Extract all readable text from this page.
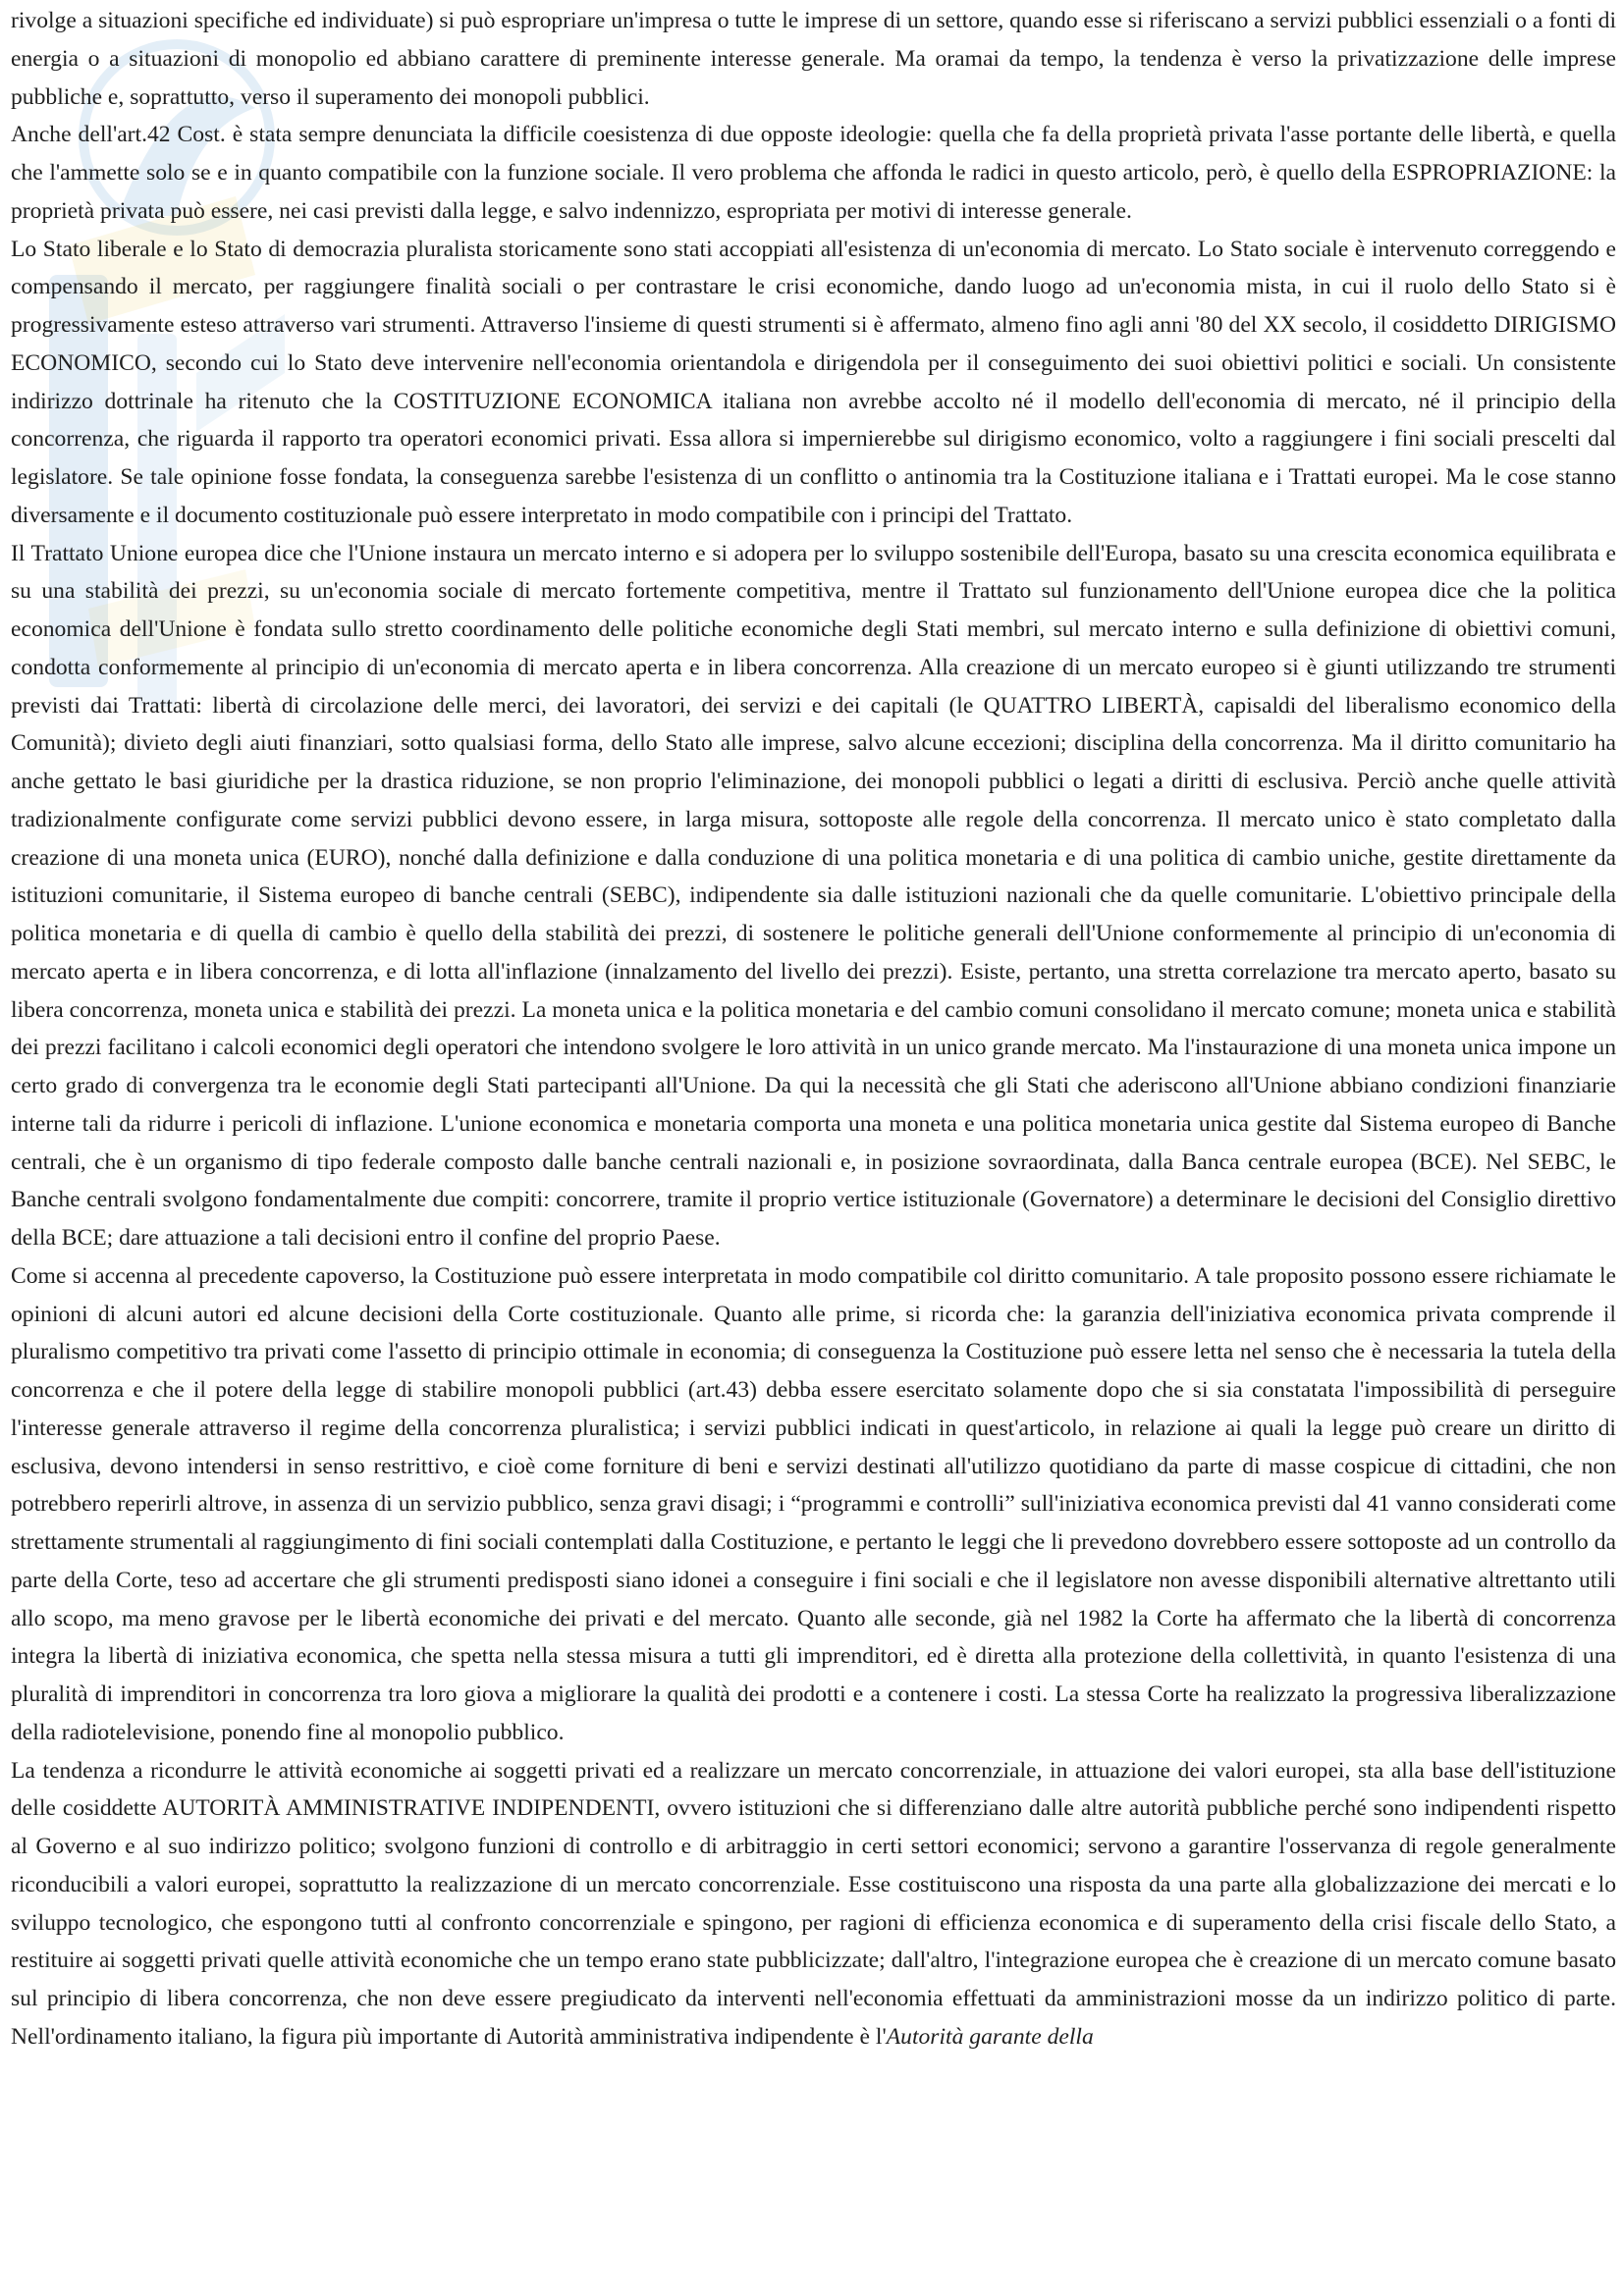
rivolge a situazioni specifiche ed individuate) si può espropriare un'impresa o tutte le imprese di un settore, quando esse si riferiscano a servizi pubblici essenziali o a fonti di energia o a situazioni di monopolio ed abbiano carattere di preminente interesse generale. Ma oramai da tempo, la tendenza è verso la privatizzazione delle imprese pubbliche e, soprattutto, verso il superamento dei monopoli pubblici.

Anche dell'art.42 Cost. è stata sempre denunciata la difficile coesistenza di due opposte ideologie: quella che fa della proprietà privata l'asse portante delle libertà, e quella che l'ammette solo se e in quanto compatibile con la funzione sociale. Il vero problema che affonda le radici in questo articolo, però, è quello della ESPROPRIAZIONE: la proprietà privata può essere, nei casi previsti dalla legge, e salvo indennizzo, espropriata per motivi di interesse generale.

Lo Stato liberale e lo Stato di democrazia pluralista storicamente sono stati accoppiati all'esistenza di un'economia di mercato. Lo Stato sociale è intervenuto correggendo e compensando il mercato, per raggiungere finalità sociali o per contrastare le crisi economiche, dando luogo ad un'economia mista, in cui il ruolo dello Stato si è progressivamente esteso attraverso vari strumenti. Attraverso l'insieme di questi strumenti si è affermato, almeno fino agli anni '80 del XX secolo, il cosiddetto DIRIGISMO ECONOMICO, secondo cui lo Stato deve intervenire nell'economia orientandola e dirigendola per il conseguimento dei suoi obiettivi politici e sociali. Un consistente indirizzo dottrinale ha ritenuto che la COSTITUZIONE ECONOMICA italiana non avrebbe accolto né il modello dell'economia di mercato, né il principio della concorrenza, che riguarda il rapporto tra operatori economici privati. Essa allora si impernierebbe sul dirigismo economico, volto a raggiungere i fini sociali prescelti dal legislatore. Se tale opinione fosse fondata, la conseguenza sarebbe l'esistenza di un conflitto o antinomia tra la Costituzione italiana e i Trattati europei. Ma le cose stanno diversamente e il documento costituzionale può essere interpretato in modo compatibile con i principi del Trattato.

Il Trattato Unione europea dice che l'Unione instaura un mercato interno e si adopera per lo sviluppo sostenibile dell'Europa, basato su una crescita economica equilibrata e su una stabilità dei prezzi, su un'economia sociale di mercato fortemente competitiva, mentre il Trattato sul funzionamento dell'Unione europea dice che la politica economica dell'Unione è fondata sullo stretto coordinamento delle politiche economiche degli Stati membri, sul mercato interno e sulla definizione di obiettivi comuni, condotta conformemente al principio di un'economia di mercato aperta e in libera concorrenza. Alla creazione di un mercato europeo si è giunti utilizzando tre strumenti previsti dai Trattati: libertà di circolazione delle merci, dei lavoratori, dei servizi e dei capitali (le QUATTRO LIBERTÀ, capisaldi del liberalismo economico della Comunità); divieto degli aiuti finanziari, sotto qualsiasi forma, dello Stato alle imprese, salvo alcune eccezioni; disciplina della concorrenza. Ma il diritto comunitario ha anche gettato le basi giuridiche per la drastica riduzione, se non proprio l'eliminazione, dei monopoli pubblici o legati a diritti di esclusiva. Perciò anche quelle attività tradizionalmente configurate come servizi pubblici devono essere, in larga misura, sottoposte alle regole della concorrenza. Il mercato unico è stato completato dalla creazione di una moneta unica (EURO), nonché dalla definizione e dalla conduzione di una politica monetaria e di una politica di cambio uniche, gestite direttamente da istituzioni comunitarie, il Sistema europeo di banche centrali (SEBC), indipendente sia dalle istituzioni nazionali che da quelle comunitarie. L'obiettivo principale della politica monetaria e di quella di cambio è quello della stabilità dei prezzi, di sostenere le politiche generali dell'Unione conformemente al principio di un'economia di mercato aperta e in libera concorrenza, e di lotta all'inflazione (innalzamento del livello dei prezzi). Esiste, pertanto, una stretta correlazione tra mercato aperto, basato su libera concorrenza, moneta unica e stabilità dei prezzi. La moneta unica e la politica monetaria e del cambio comuni consolidano il mercato comune; moneta unica e stabilità dei prezzi facilitano i calcoli economici degli operatori che intendono svolgere le loro attività in un unico grande mercato. Ma l'instaurazione di una moneta unica impone un certo grado di convergenza tra le economie degli Stati partecipanti all'Unione. Da qui la necessità che gli Stati che aderiscono all'Unione abbiano condizioni finanziarie interne tali da ridurre i pericoli di inflazione. L'unione economica e monetaria comporta una moneta e una politica monetaria unica gestite dal Sistema europeo di Banche centrali, che è un organismo di tipo federale composto dalle banche centrali nazionali e, in posizione sovraordinata, dalla Banca centrale europea (BCE). Nel SEBC, le Banche centrali svolgono fondamentalmente due compiti: concorrere, tramite il proprio vertice istituzionale (Governatore) a determinare le decisioni del Consiglio direttivo della BCE; dare attuazione a tali decisioni entro il confine del proprio Paese.

Come si accenna al precedente capoverso, la Costituzione può essere interpretata in modo compatibile col diritto comunitario. A tale proposito possono essere richiamate le opinioni di alcuni autori ed alcune decisioni della Corte costituzionale. Quanto alle prime, si ricorda che: la garanzia dell'iniziativa economica privata comprende il pluralismo competitivo tra privati come l'assetto di principio ottimale in economia; di conseguenza la Costituzione può essere letta nel senso che è necessaria la tutela della concorrenza e che il potere della legge di stabilire monopoli pubblici (art.43) debba essere esercitato solamente dopo che si sia constatata l'impossibilità di perseguire l'interesse generale attraverso il regime della concorrenza pluralistica; i servizi pubblici indicati in quest'articolo, in relazione ai quali la legge può creare un diritto di esclusiva, devono intendersi in senso restrittivo, e cioè come forniture di beni e servizi destinati all'utilizzo quotidiano da parte di masse cospicue di cittadini, che non potrebbero reperirli altrove, in assenza di un servizio pubblico, senza gravi disagi; i “programmi e controlli” sull'iniziativa economica previsti dal 41 vanno considerati come strettamente strumentali al raggiungimento di fini sociali contemplati dalla Costituzione, e pertanto le leggi che li prevedono dovrebbero essere sottoposte ad un controllo da parte della Corte, teso ad accertare che gli strumenti predisposti siano idonei a conseguire i fini sociali e che il legislatore non avesse disponibili alternative altrettanto utili allo scopo, ma meno gravose per le libertà economiche dei privati e del mercato. Quanto alle seconde, già nel 1982 la Corte ha affermato che la libertà di concorrenza integra la libertà di iniziativa economica, che spetta nella stessa misura a tutti gli imprenditori, ed è diretta alla protezione della collettività, in quanto l'esistenza di una pluralità di imprenditori in concorrenza tra loro giova a migliorare la qualità dei prodotti e a contenere i costi. La stessa Corte ha realizzato la progressiva liberalizzazione della radiotelevisione, ponendo fine al monopolio pubblico.

La tendenza a ricondurre le attività economiche ai soggetti privati ed a realizzare un mercato concorrenziale, in attuazione dei valori europei, sta alla base dell'istituzione delle cosiddette AUTORITÀ AMMINISTRATIVE INDIPENDENTI, ovvero istituzioni che si differenziano dalle altre autorità pubbliche perché sono indipendenti rispetto al Governo e al suo indirizzo politico; svolgono funzioni di controllo e di arbitraggio in certi settori economici; servono a garantire l'osservanza di regole generalmente riconducibili a valori europei, soprattutto la realizzazione di un mercato concorrenziale. Esse costituiscono una risposta da una parte alla globalizzazione dei mercati e lo sviluppo tecnologico, che espongono tutti al confronto concorrenziale e spingono, per ragioni di efficienza economica e di superamento della crisi fiscale dello Stato, a restituire ai soggetti privati quelle attività economiche che un tempo erano state pubblicizzate; dall'altro, l'integrazione europea che è creazione di un mercato comune basato sul principio di libera concorrenza, che non deve essere pregiudicato da interventi nell'economia effettuati da amministrazioni mosse da un indirizzo politico di parte. Nell'ordinamento italiano, la figura più importante di Autorità amministrativa indipendente è l'Autorità garante della
